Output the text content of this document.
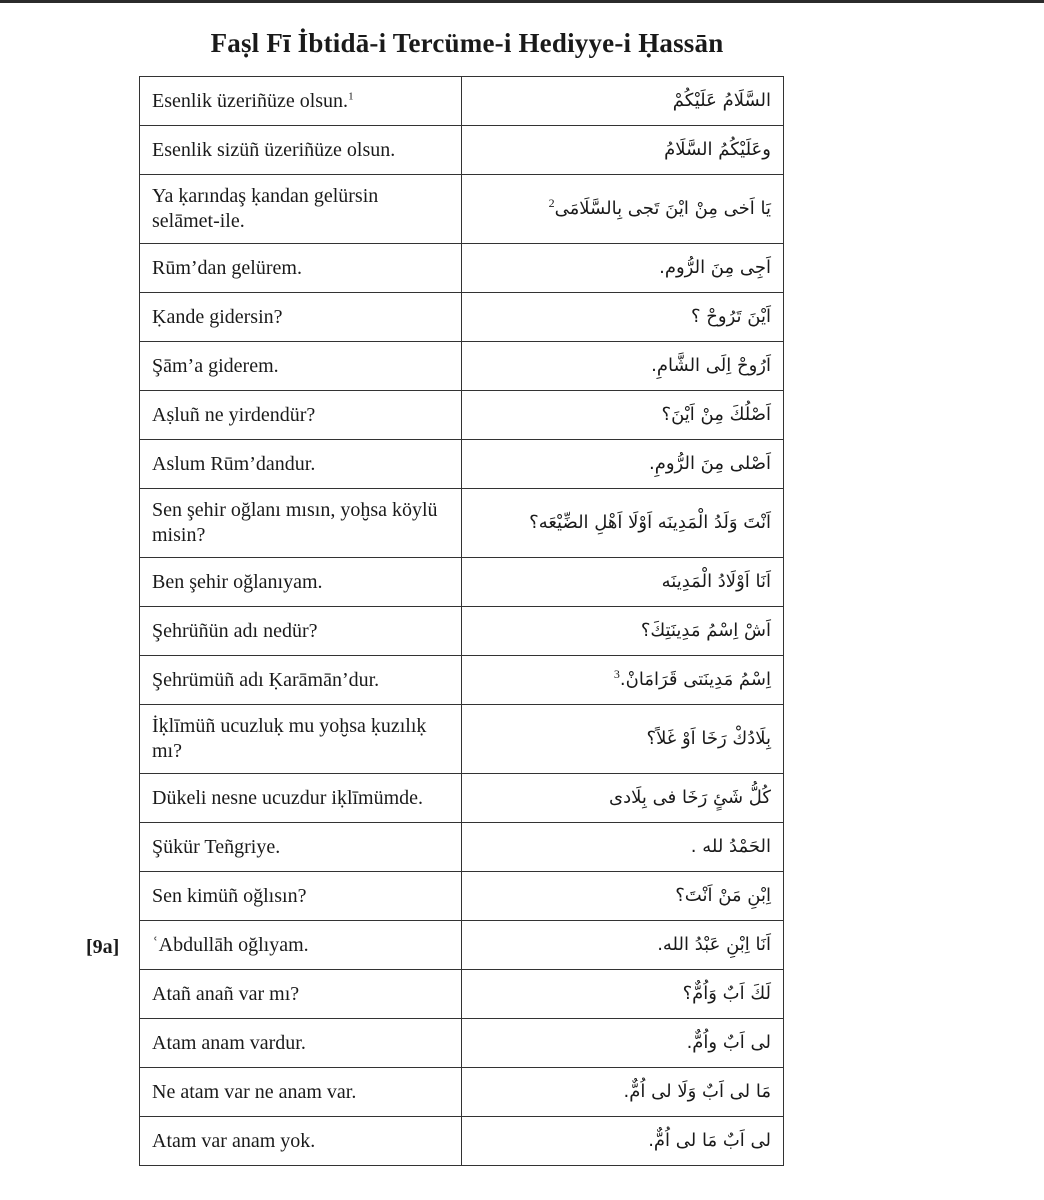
Faṣl Fī İbtidā-i Tercüme-i Hediyye-i Ḥassān
[9a]
Esenlik üzeriñüze olsun.$^1$	السَّلَامُ عَلَيْكُمْ
Esenlik sizüñ üzeriñüze olsun.	وعَلَيْكُمُ السَّلَامُ
Ya ḳarındaş ḳandan gelürsin selāmet-ile.	يَا اَخى مِنْ ايْنَ تَجى بِالسَّلَامَى$^2$
Rūm’dan gelürem.	اَجِى مِنَ الرُّوم.
Ḳande gidersin?	اَيْنَ تَرُوحْ ؟
Şām’a giderem.	اَرُوحْ اِلَى الشَّامِ.
Aṣluñ ne yirdendür?	اَصْلُكَ مِنْ اَيْنَ؟
Aslum Rūm’dandur.	اَصْلى مِنَ الرُّومِ.
Sen şehir oğlanı mısın, yoḫsa köylü misin?	اَنْتَ وَلَدُ الْمَدِينَه اَوْلَا اَهْلِ الضِّيْعَه؟
Ben şehir oğlanıyam.	اَنَا اَوْلَادُ الْمَدِينَه
Şehrüñün adı nedür?	اَشْ اِسْمُ مَدِينَتِكَ؟
Şehrümüñ adı Ḳarāmān’dur.	اِسْمُ مَدِينَتى قَرَامَانْ.$^3$
İḳlīmüñ ucuzluḳ mu yoḫsa ḳuzılıḳ mı?	بِلَادُكْ رَخَا اَوْ غَلاً؟
Dükeli nesne ucuzdur iḳlīmümde.	كُلُّ شَئٍ رَخَا فى بِلَادى
Şükür Teñgriye.	الحَمْدُ لله .
Sen kimüñ oğlısın?	اِبْنِ مَنْ اَنْتَ؟
ʿAbdullāh oğlıyam.	اَنَا اِبْنِ عَبْدُ الله.
Atañ anañ var mı?	لَكَ اَبٌ وَاُمٌّ؟
Atam anam vardur.	لى اَبٌ واُمٌّ.
Ne atam var ne anam var.	مَا لى اَبٌ وَلَا لى اُمٌّ.
Atam var anam yok.	لى اَبٌ مَا لى اُمٌّ.
